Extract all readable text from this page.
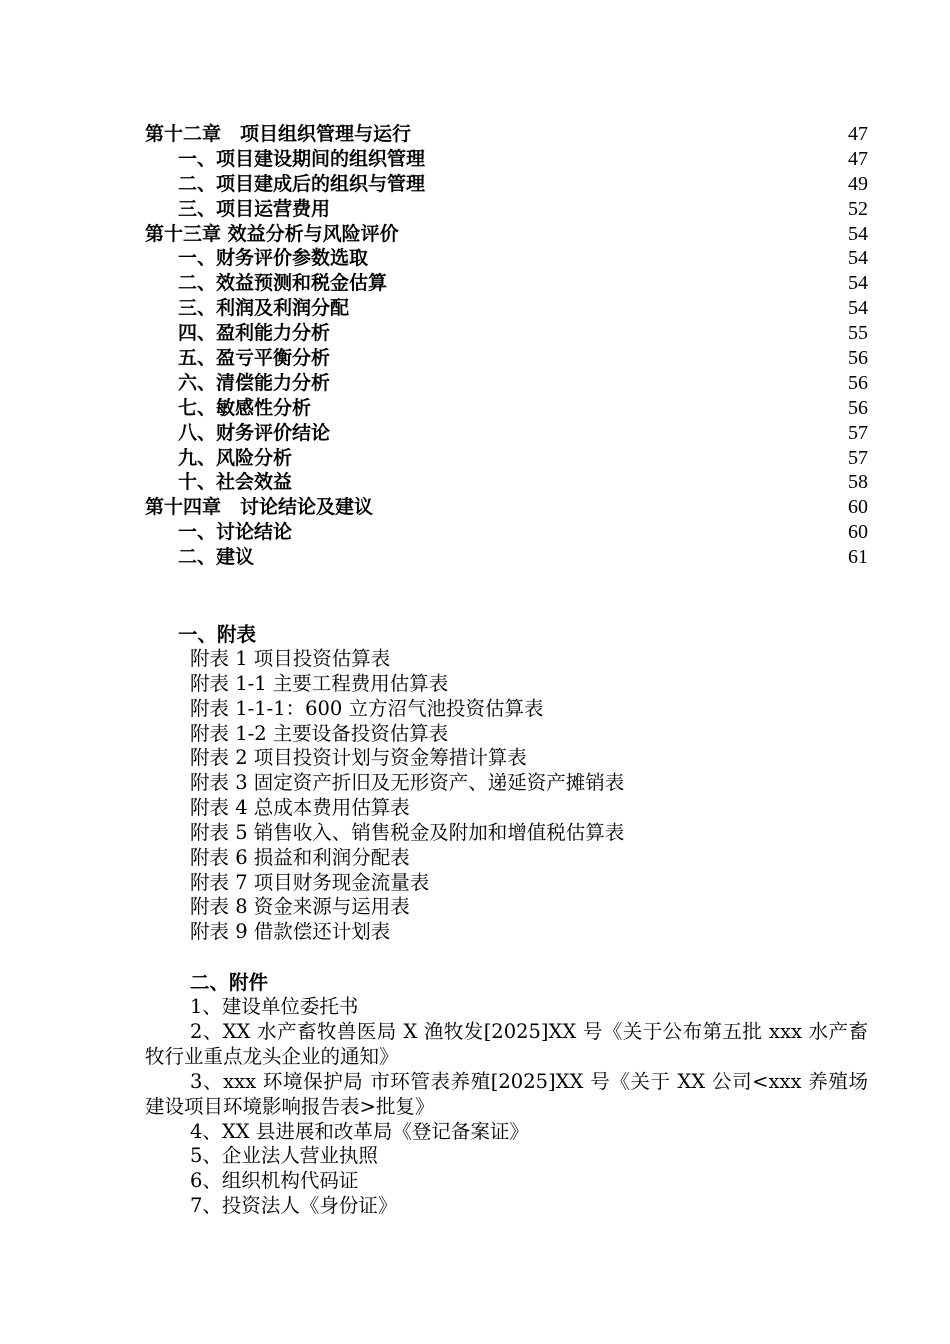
第十二章　项目组织管理与运行	47
一、项目建设期间的组织管理	47
二、项目建成后的组织与管理	49
三、项目运营费用	52
第十三章 效益分析与风险评价	54
一、财务评价参数选取	54
二、效益预测和税金估算	54
三、利润及利润分配	54
四、盈利能力分析	55
五、盈亏平衡分析	56
六、清偿能力分析	56
七、敏感性分析	56
八、财务评价结论	57
九、风险分析	57
十、社会效益	58
第十四章　讨论结论及建议	60
一、讨论结论	60
二、建议	61
一、附表
附表 1 项目投资估算表
附表 1-1 主要工程费用估算表
附表 1-1-1：600 立方沼气池投资估算表
附表 1-2 主要设备投资估算表
附表 2 项目投资计划与资金筹措计算表
附表 3 固定资产折旧及无形资产、递延资产摊销表
附表 4 总成本费用估算表
附表 5 销售收入、销售税金及附加和增值税估算表
附表 6 损益和利润分配表
附表 7 项目财务现金流量表
附表 8 资金来源与运用表
附表 9 借款偿还计划表
二、附件
1、建设单位委托书
2、XX 水产畜牧兽医局 X 渔牧发[2025]XX 号《关于公布第五批 xxx 水产畜牧行业重点龙头企业的通知》
3、xxx 环境保护局 市环管表养殖[2025]XX 号《关于 XX 公司<xxx 养殖场建设项目环境影响报告表>批复》
4、XX 县进展和改革局《登记备案证》
5、企业法人营业执照
6、组织机构代码证
7、投资法人《身份证》
